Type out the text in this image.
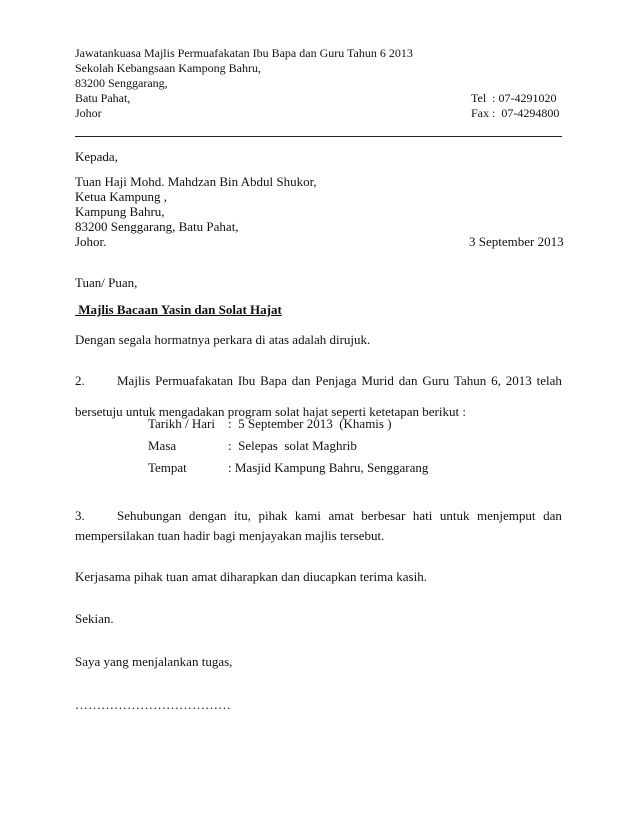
Jawatankuasa Majlis Permuafakatan Ibu Bapa dan Guru Tahun 6 2013
Sekolah Kebangsaan Kampong Bahru,
83200 Senggarang,
Batu Pahat,	Tel  : 07-4291020
Johor	Fax :  07-4294800
Kepada,
Tuan Haji Mohd. Mahdzan Bin Abdul Shukor,
Ketua Kampung ,
Kampung Bahru,
83200 Senggarang, Batu Pahat,
Johor.	3 September 2013
Tuan/ Puan,
Majlis Bacaan Yasin dan Solat Hajat
Dengan segala hormatnya perkara di atas adalah dirujuk.
2. Majlis Permuafakatan Ibu Bapa dan Penjaga Murid dan Guru Tahun 6, 2013 telah
bersetuju untuk mengadakan program solat hajat seperti ketetapan berikut :
Tarikh / Hari :  5 September 2013  (Khamis )
Masa	:  Selepas  solat Maghrib
Tempat	: Masjid Kampung Bahru, Senggarang
3. Sehubungan dengan itu, pihak kami amat berbesar hati untuk menjemput dan
mempersilakan tuan hadir bagi menjayakan majlis tersebut.
Kerjasama pihak tuan amat diharapkan dan diucapkan terima kasih.
Sekian.
Saya yang menjalankan tugas,
………………………………
